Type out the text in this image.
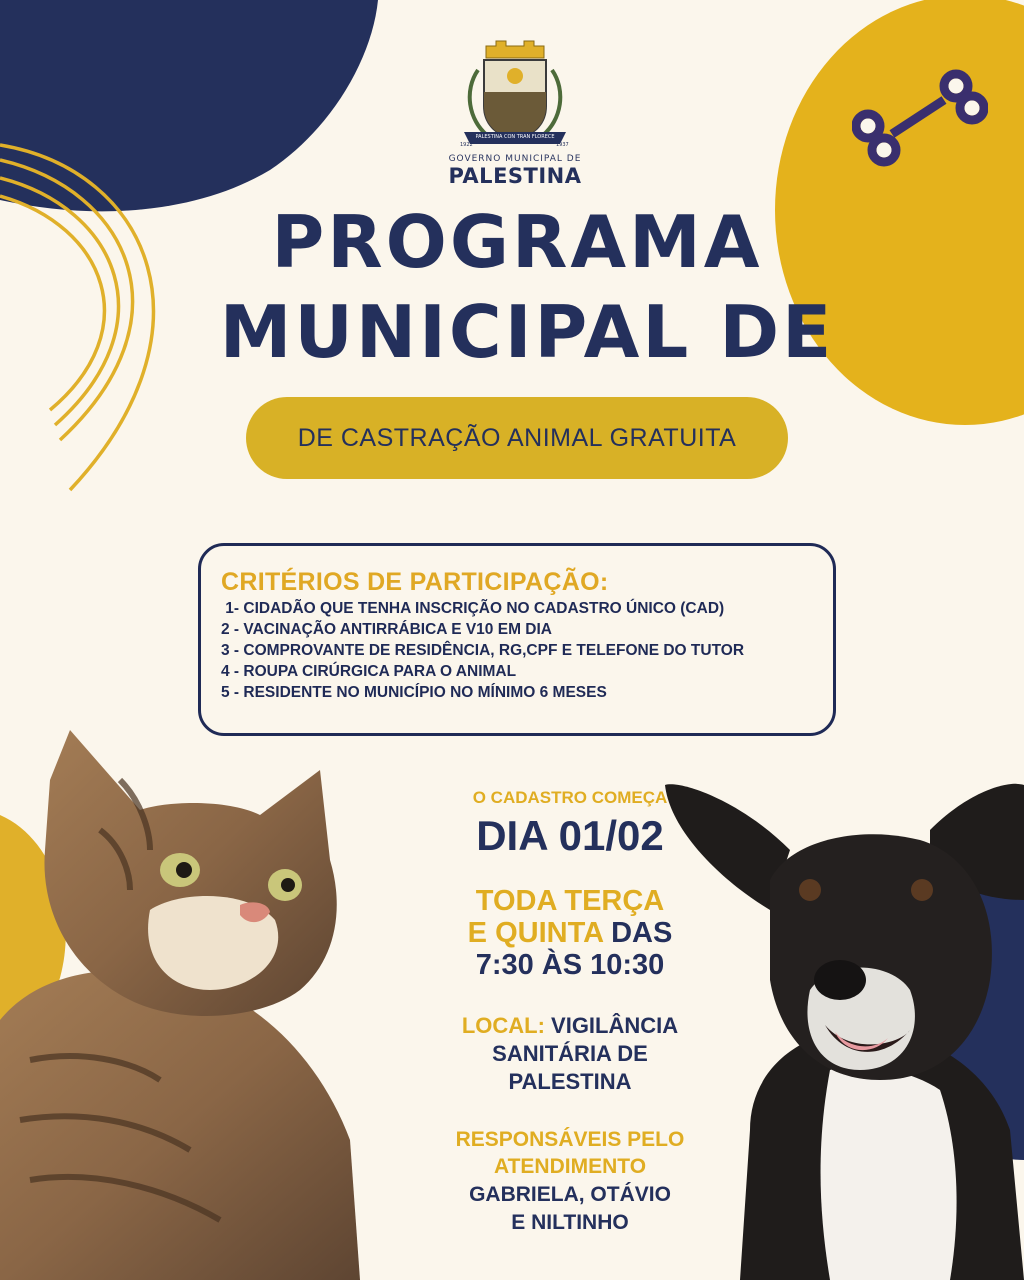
PALESTINA CON TRAN FLORECE
1922	1937
GOVERNO MUNICIPAL DE
PALESTINA
PROGRAMA
MUNICIPAL DE
DE CASTRAÇÃO ANIMAL GRATUITA
CRITÉRIOS DE PARTICIPAÇÃO:
1- CIDADÃO QUE TENHA INSCRIÇÃO NO CADASTRO ÚNICO (CAD)
2 - VACINAÇÃO ANTIRRÁBICA E V10 EM DIA
3 - COMPROVANTE DE RESIDÊNCIA, RG,CPF E TELEFONE DO TUTOR
4 - ROUPA CIRÚRGICA PARA O ANIMAL
5 - RESIDENTE NO MUNICÍPIO NO MÍNIMO 6 MESES
O CADASTRO COMEÇA
DIA 01/02
TODA TERÇA
E QUINTA DAS
7:30 ÀS 10:30
LOCAL: VIGILÂNCIA
SANITÁRIA DE
PALESTINA
RESPONSÁVEIS PELO
ATENDIMENTO
GABRIELA, OTÁVIO
E NILTINHO
